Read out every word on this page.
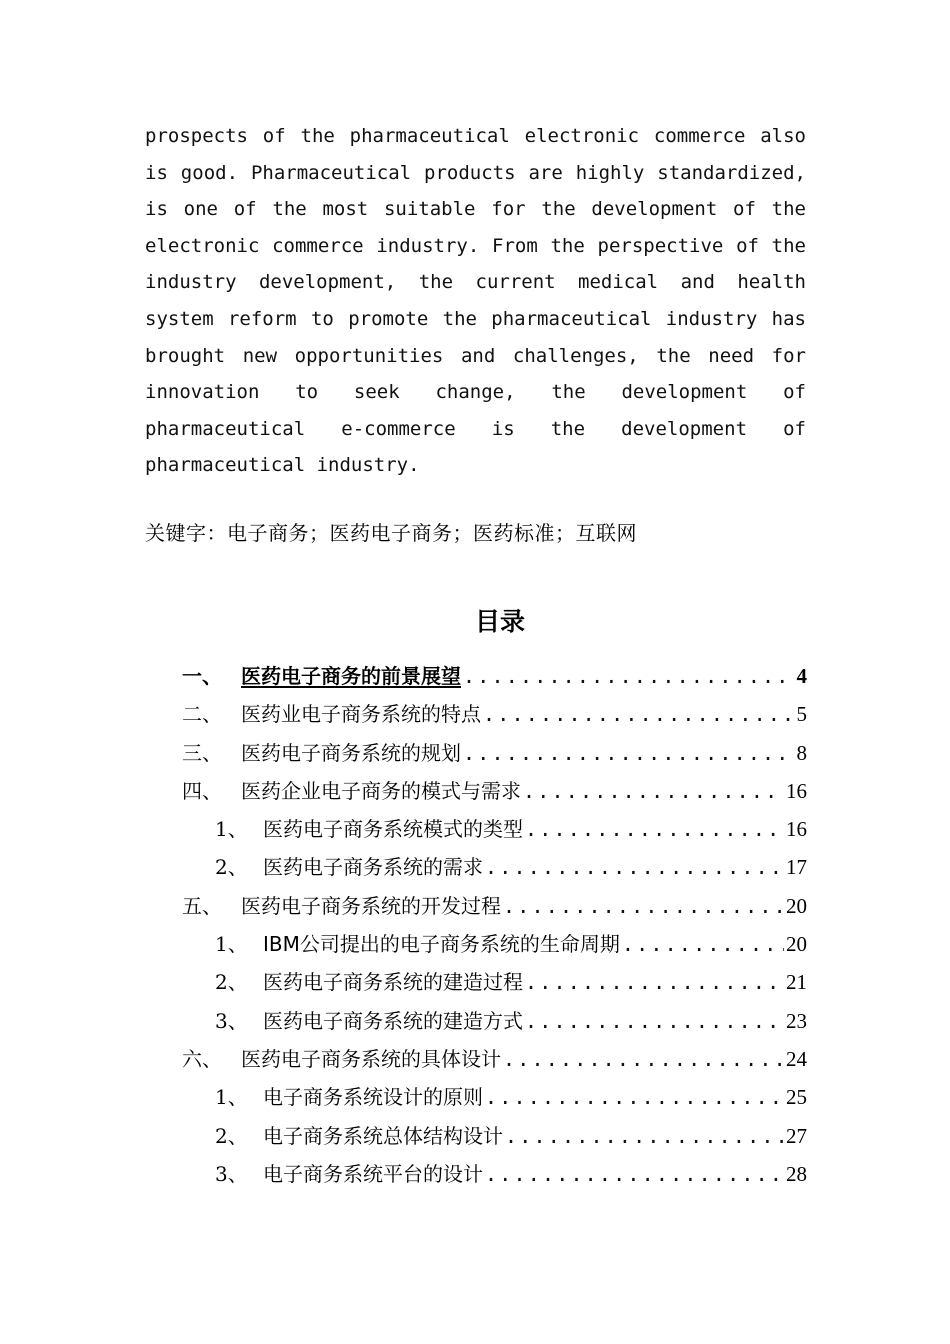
prospects of the pharmaceutical electronic commerce also
is good. Pharmaceutical products are highly standardized,
is one of the most suitable for the development of the
electronic commerce industry. From the perspective of the
industry development, the current medical and health
system reform to promote the pharmaceutical industry has
brought new opportunities and challenges, the need for
innovation to seek change, the development of
pharmaceutical e-commerce is the development of
pharmaceutical industry.
关键字：电子商务；医药电子商务；医药标准；互联网
目录
一、 医药电子商务的前景展望 .....	4
二、 医药业电子商务系统的特点 .....	5
三、 医药电子商务系统的规划 .....	8
四、 医药企业电子商务的模式与需求 .....	16
1、 医药电子商务系统模式的类型 .....	16
2、 医药电子商务系统的需求 .....	17
五、 医药电子商务系统的开发过程 .....	20
1、 IBM公司提出的电子商务系统的生命周期 .....	20
2、 医药电子商务系统的建造过程 .....	21
3、 医药电子商务系统的建造方式 .....	23
六、 医药电子商务系统的具体设计 .....	24
1、 电子商务系统设计的原则 .....	25
2、 电子商务系统总体结构设计 .....	27
3、 电子商务系统平台的设计 .....	28
